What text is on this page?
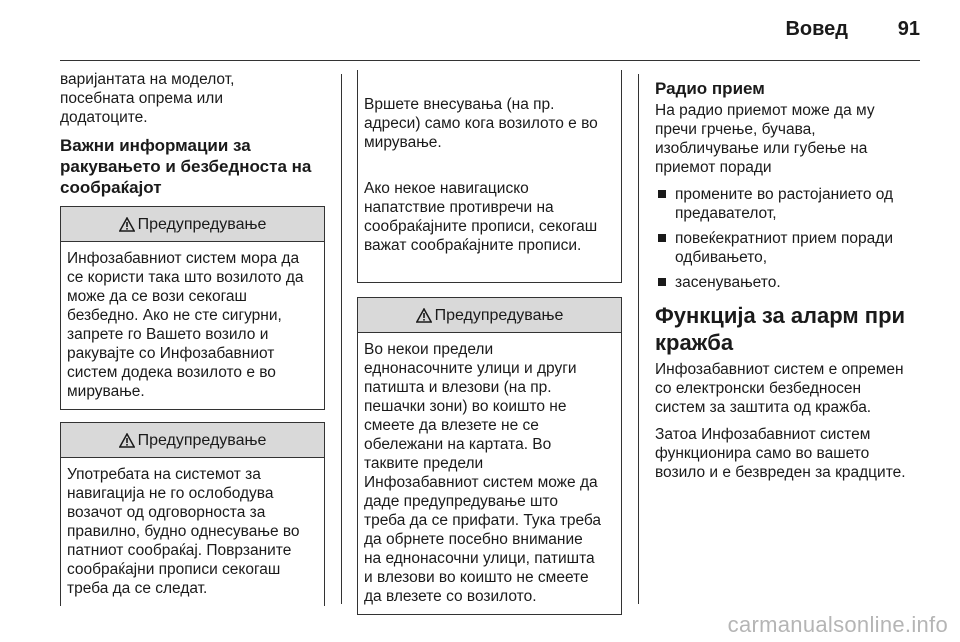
Вовед 91

варијантата на моделот,
посебната опрема или
додатоците.

Важни информации за
ракувањето и безбедноста на
сообраќајот
Предупредување
Инфозабавниот систем мора да
се користи така што возилото да
може да се вози секогаш
безбедно. Ако не сте сигурни,
запрете го Вашето возило и
ракувајте со Инфозабавниот
систем додека возилото е во
мирување.
Предупредување
Употребата на системот за
навигација не го ослободува
возачот од одговорноста за
правилно, будно однесување во
патниот сообраќај. Поврзаните
сообраќајни прописи секогаш
треба да се следат.

Вршете внесувања (на пр.
адреси) само кога возилото е во
мирување.

Ако некое навигациско
напатствие противречи на
сообраќајните прописи, секогаш
важат сообраќајните прописи.

Предупредување
Во некои предели
еднонасочните улици и други
патишта и влезови (на пр.
пешачки зони) во коишто не
смеете да влезете не се
обележани на картата. Во
таквите предели
Инфозабавниот систем може да
даде предупредување што
треба да се прифати. Тука треба
да обрнете посебно внимание
на еднонасочни улици, патишта
и влезови во коишто не смеете
да влезете со возилото.
Радио прием

На радио приемот може да му
пречи грчење, бучава,
изобличување или губење на
приемот поради

промените во растојанието од
предавателот,
повеќекратниот прием поради
одбивањето,
засенувањето.
Функција за аларм при
кражба

Инфозабавниот систем е опремен
со електронски безбедносен
систем за заштита од кражба.

Затоа Инфозабавниот систем
функционира само во вашето
возило и е безвреден за крадците.

carmanualsonline.info
